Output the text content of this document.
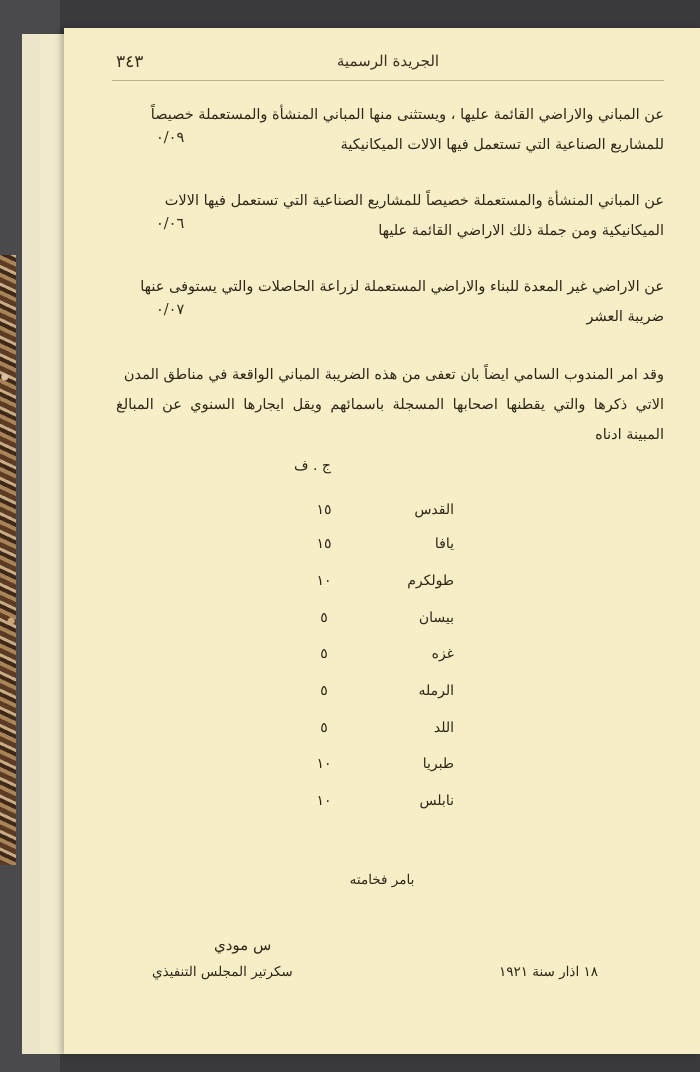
٣٤٣	الجريدة الرسمية

عن المباني والاراضي القائمة عليها ، ويستثنى منها المباني المنشأة والمستعملة خصيصاً

للمشاريع الصناعية التي تستعمل فيها الالات الميكانيكية

٠/٠٩

عن المباني المنشأة والمستعملة خصيصاً للمشاريع الصناعية التي تستعمل فيها الالات

الميكانيكية ومن جملة ذلك الاراضي القائمة عليها

٠/٠٦

عن الاراضي غير المعدة للبناء والاراضي المستعملة لزراعة الحاصلات والتي يستوفى عنها

ضريبة العشر

٠/٠٧

وقد امر المندوب السامي ايضاً بان تعفى من هذه الضريبة المباني الواقعة في مناطق المدن

الاتي ذكرها والتي يقطنها اصحابها المسجلة باسمائهم ويقل ايجارها السنوي عن المبالغ المبينة ادناه

ج . ف
القدس
١٥
يافا
١٥
طولكرم
١٠
بيسان
٥
غزه
٥
الرمله
٥
اللد
٥
طبريا
١٠
نابلس
١٠
بامر فخامته
س مودي
سكرتير المجلس التنفيذي	١٨ اذار سنة ١٩٢١
